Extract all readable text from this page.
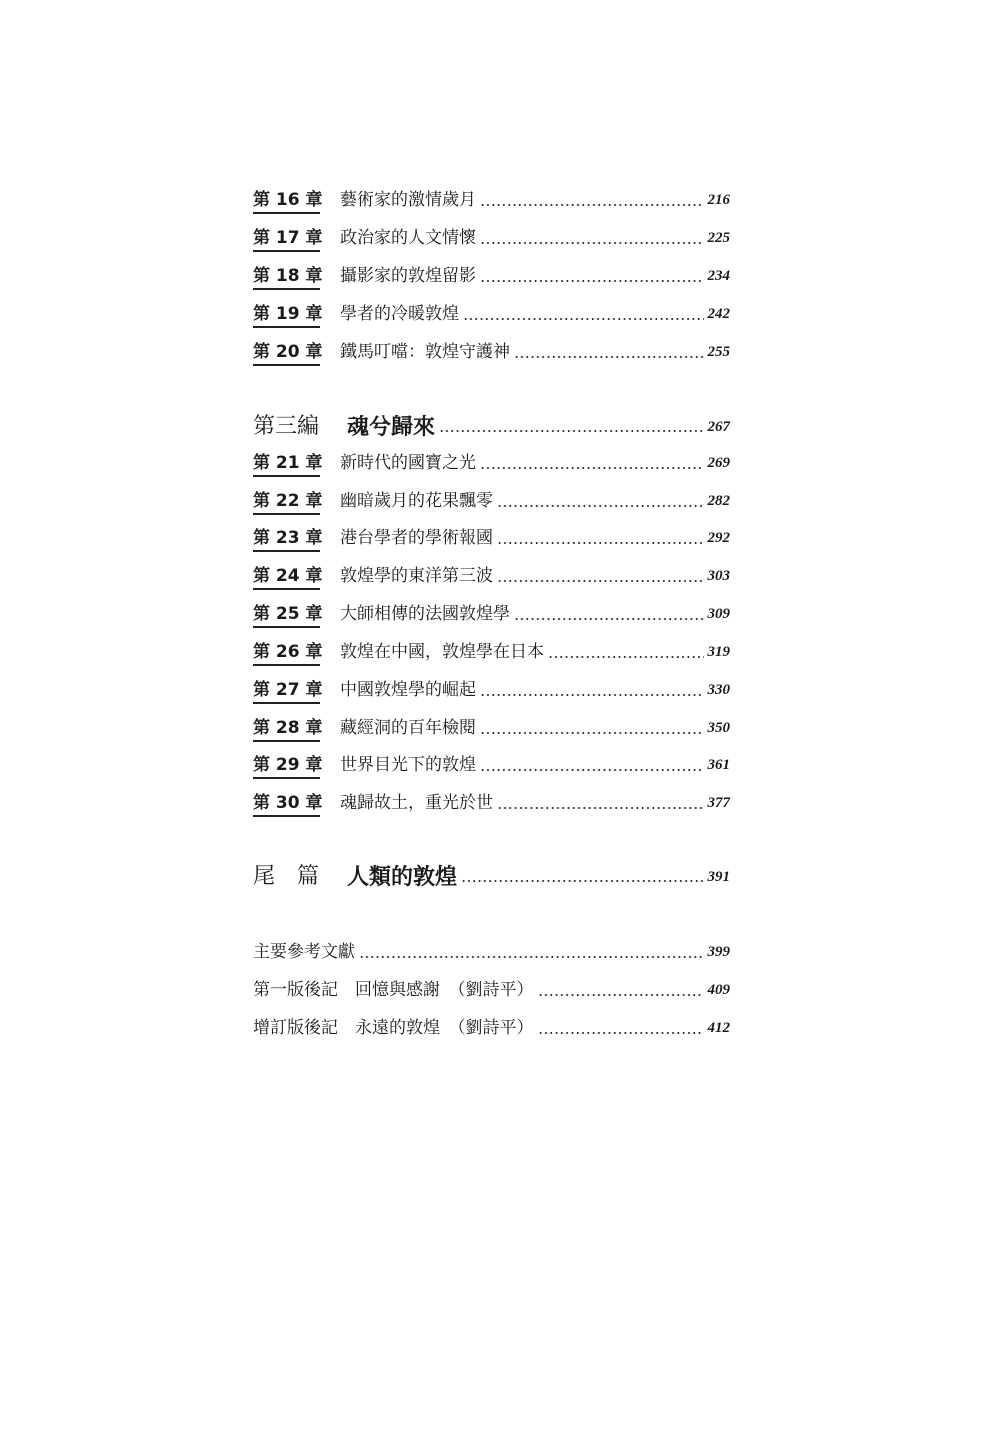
第 16 章	藝術家的激情歲月	216
第 17 章	政治家的人文情懷	225
第 18 章	攝影家的敦煌留影	234
第 19 章	學者的冷暖敦煌	242
第 20 章	鐵馬叮噹：敦煌守護神	255
第三編	魂兮歸來	267
第 21 章	新時代的國寶之光	269
第 22 章	幽暗歲月的花果飄零	282
第 23 章	港台學者的學術報國	292
第 24 章	敦煌學的東洋第三波	303
第 25 章	大師相傳的法國敦煌學	309
第 26 章	敦煌在中國，敦煌學在日本	319
第 27 章	中國敦煌學的崛起	330
第 28 章	藏經洞的百年檢閱	350
第 29 章	世界目光下的敦煌	361
第 30 章	魂歸故土，重光於世	377
尾　篇	人類的敦煌	391
主要參考文獻	399
第一版後記　回憶與感謝　（劉詩平）	409
增訂版後記　永遠的敦煌　（劉詩平）	412
